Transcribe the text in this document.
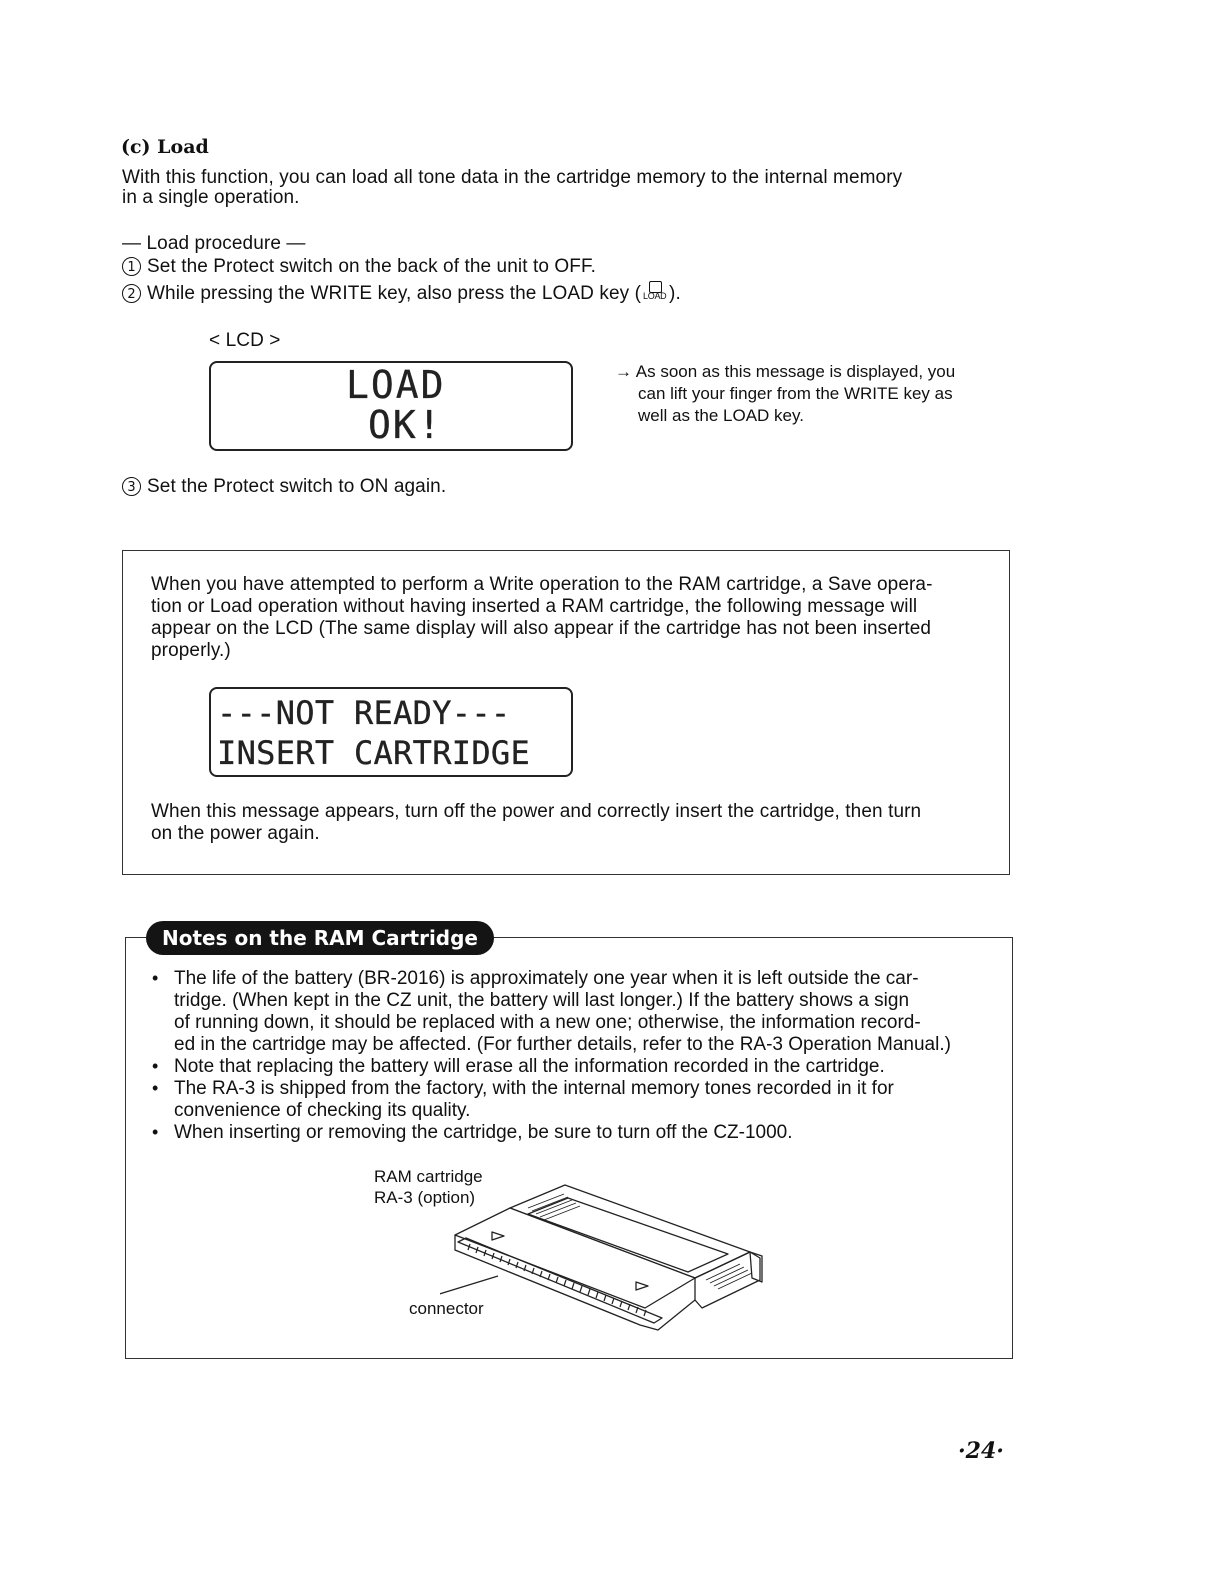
(c) Load
With this function, you can load all tone data in the cartridge memory to the internal memory
in a single operation.
— Load procedure —
1 Set the Protect switch on the back of the unit to OFF.
2 While pressing the WRITE key, also press the LOAD key ( LOAD ).
< LCD >
LOAD
OK!
→ As soon as this message is displayed, you
can lift your finger from the WRITE key as
well as the LOAD key.
3 Set the Protect switch to ON again.
When you have attempted to perform a Write operation to the RAM cartridge, a Save opera-
tion or Load operation without having inserted a RAM cartridge, the following message will
appear on the LCD (The same display will also appear if the cartridge has not been inserted
properly.)
---NOT READY---
INSERT CARTRIDGE
When this message appears, turn off the power and correctly insert the cartridge, then turn
on the power again.
Notes on the RAM Cartridge
• The life of the battery (BR-2016) is approximately one year when it is left outside the car-
tridge. (When kept in the CZ unit, the battery will last longer.) If the battery shows a sign
of running down, it should be replaced with a new one; otherwise, the information record-
ed in the cartridge may be affected. (For further details, refer to the RA-3 Operation Manual.)
• Note that replacing the battery will erase all the information recorded in the cartridge.
• The RA-3 is shipped from the factory, with the internal memory tones recorded in it for
convenience of checking its quality.
• When inserting or removing the cartridge, be sure to turn off the CZ-1000.
RAM cartridge
RA-3 (option)
connector
·24·
